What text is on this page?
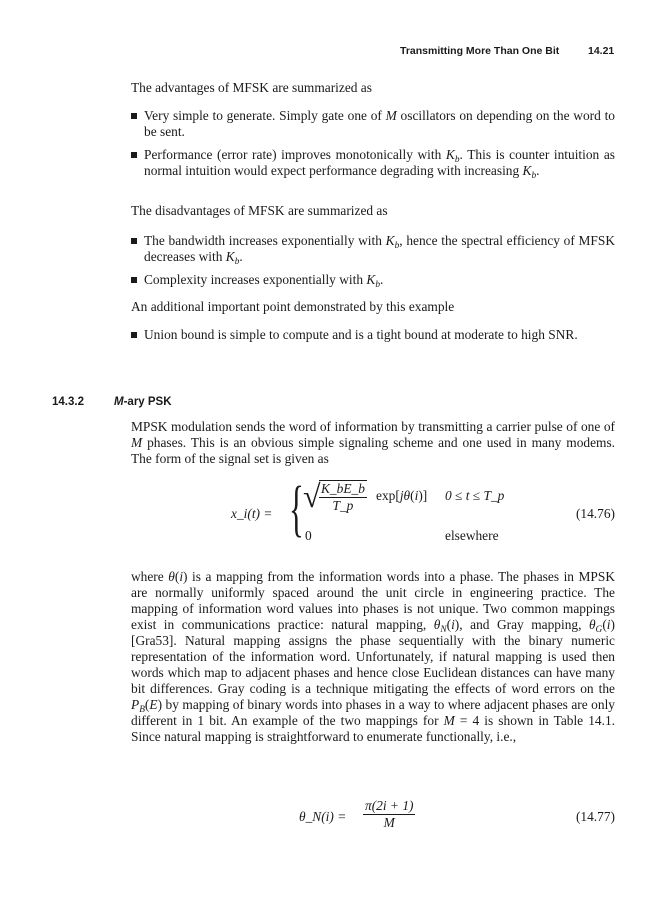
Transmitting More Than One Bit	14.21
The advantages of MFSK are summarized as
Very simple to generate. Simply gate one of M oscillators on depending on the word to be sent.
Performance (error rate) improves monotonically with $K_b$. This is counter intuition as normal intuition would expect performance degrading with increasing $K_b$.
The disadvantages of MFSK are summarized as
The bandwidth increases exponentially with $K_b$, hence the spectral efficiency of MFSK decreases with $K_b$.
Complexity increases exponentially with $K_b$.
An additional important point demonstrated by this example
Union bound is simple to compute and is a tight bound at moderate to high SNR.
14.3.2	M-ary PSK
MPSK modulation sends the word of information by transmitting a carrier pulse of one of M phases. This is an obvious simple signaling scheme and one used in many modems. The form of the signal set is given as
x_i(t) = { √
$\frac{K\_bE\_b}{T\_p} \exp[j\theta(i)] 0 \le t$ ≤ T_p
0	elsewhere
(14.76)
where θ(i) is a mapping from the information words into a phase. The phases in MPSK are normally uniformly spaced around the unit circle in engineering practice. The mapping of information word values into phases is not unique. Two common mappings exist in communications practice: natural mapping, $\theta_N(i)$, and Gray mapping, $\theta_G(i)$ [Gra53]. Natural mapping assigns the phase sequentially with the binary numeric representation of the information word. Unfortunately, if natural mapping is used then words which map to adjacent phases and hence close Euclidean distances can have many bit differences. Gray coding is a technique mitigating the effects of word errors on the $P_B(E)$ by mapping of binary words into phases in a way to where adjacent phases are only different in 1 bit. An example of the two mappings for M = 4 is shown in Table 14.1. Since natural mapping is straightforward to enumerate functionally, i.e.,
θ_N(i) = $\frac{\pi(2i + 1)}{M}$	(14.77)
